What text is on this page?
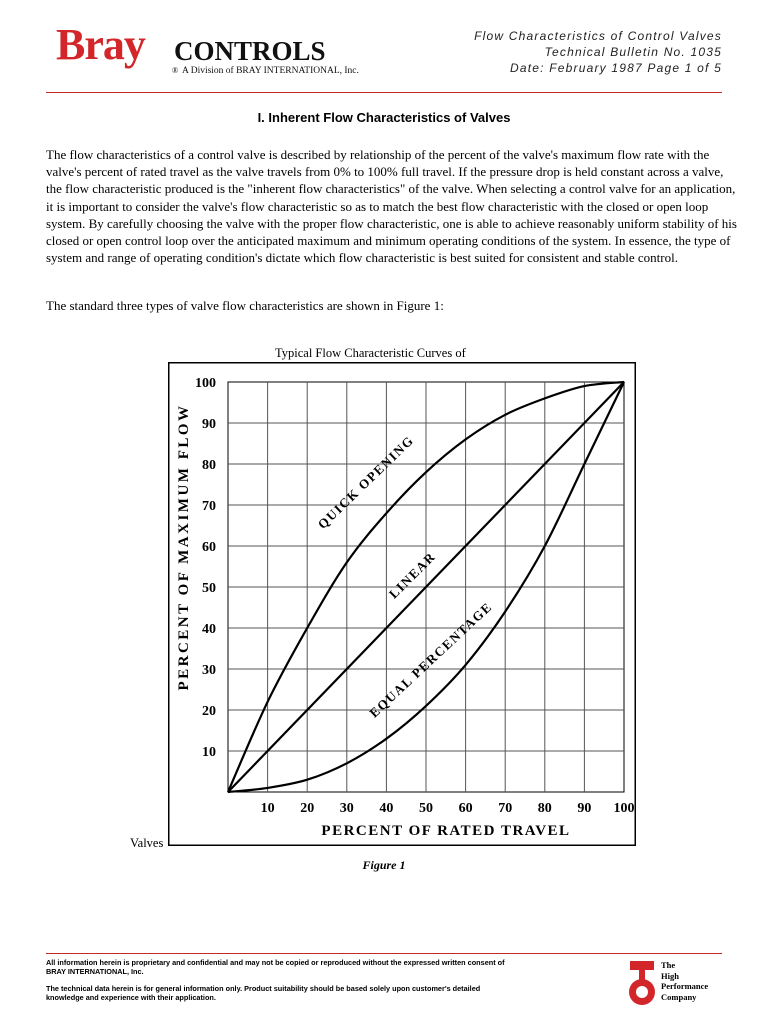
Bray CONTROLS
® A Division of BRAY INTERNATIONAL, Inc.
Flow Characteristics of Control Valves
Technical Bulletin No. 1035
Date: February 1987 Page 1 of 5
I. Inherent Flow Characteristics of Valves
The flow characteristics of a control valve is described by relationship of the percent of the valve's maximum flow rate with the valve's percent of rated travel as the valve travels from 0% to 100% full travel. If the pressure drop is held constant across a valve, the flow characteristic produced is the "inherent flow characteristics" of the valve. When selecting a control valve for an application, it is important to consider the valve's flow characteristic so as to match the best flow characteristic with the closed or open loop system. By carefully choosing the valve with the proper flow characteristic, one is able to achieve reasonably uniform stability of his closed or open control loop over the anticipated maximum and minimum operating conditions of the system. In essence, the type of system and range of operating condition's dictate which flow characteristic is best suited for consistent and stable control.
The standard three types of valve flow characteristics are shown in Figure 1:
Typical Flow Characteristic Curves of
10 20 30 40 50 60 70 80 90 100
10
20
30
40
50
60
70
80
90
100
PERCENT OF RATED TRAVEL
PERCENT OF MAXIMUM FLOW	QUICK OPENING
LINEAR
EQUAL PERCENTAGE
Valves
Figure 1

All information herein is proprietary and confidential and may not be copied or reproduced without the expressed written consent of BRAY INTERNATIONAL, Inc.

The technical data herein is for general information only. Product suitability should be based solely upon customer's detailed knowledge and experience with their application.

The
High
Performance
Company
